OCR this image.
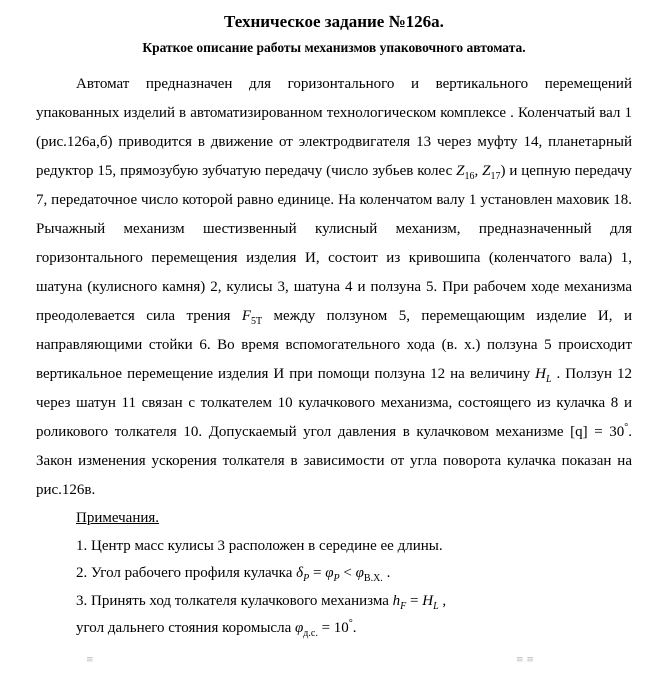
Техническое задание №126а.
Краткое описание работы механизмов упаковочного автомата.

Автомат предназначен для горизонтального и вертикального перемещений упакованных изделий в автоматизированном технологическом комплексе . Коленчатый вал 1 (рис.126а,б) приводится в движение от электродвигателя 13 через муфту 14, планетарный редуктор 15, прямозубую зубчатую передачу (число зубьев колес $Z_{16}$, $Z_{17}$) и цепную передачу 7, передаточное число которой равно единице. На коленчатом валу 1 установлен маховик 18. Рычажный механизм шестизвенный кулисный механизм, предназначенный для горизонтального перемещения изделия И, состоит из кривошипа (коленчатого вала) 1, шатуна (кулисного камня) 2, кулисы 3, шатуна 4 и ползуна 5. При рабочем ходе механизма преодолевается сила трения $F_{5Т}$ между ползуном 5, перемещающим изделие И, и направляющими стойки 6. Во время вспомогательного хода (в. х.) ползуна 5 происходит вертикальное перемещение изделия И при помощи ползуна 12 на величину $H_L$ . Ползун 12 через шатун 11 связан с толкателем 10 кулачкового механизма, состоящего из кулачка 8 и роликового толкателя 10. Допускаемый угол давления в кулачковом механизме [q] = 30°. Закон изменения ускорения толкателя в зависимости от угла поворота кулачка показан на рис.126в.

Примечания.

1. Центр масс кулисы 3 расположен в середине ее длины.

2. Угол рабочего профиля кулачка $\delta_P = \varphi_P < \varphi_{В.Х.}$ .

3. Принять ход толкателя кулачкового механизма $h_F = H_L$ ,

угол дальнего стояния коромысла $\varphi_{д.с.} = 10^\circ$.

≡	≡ ≡
